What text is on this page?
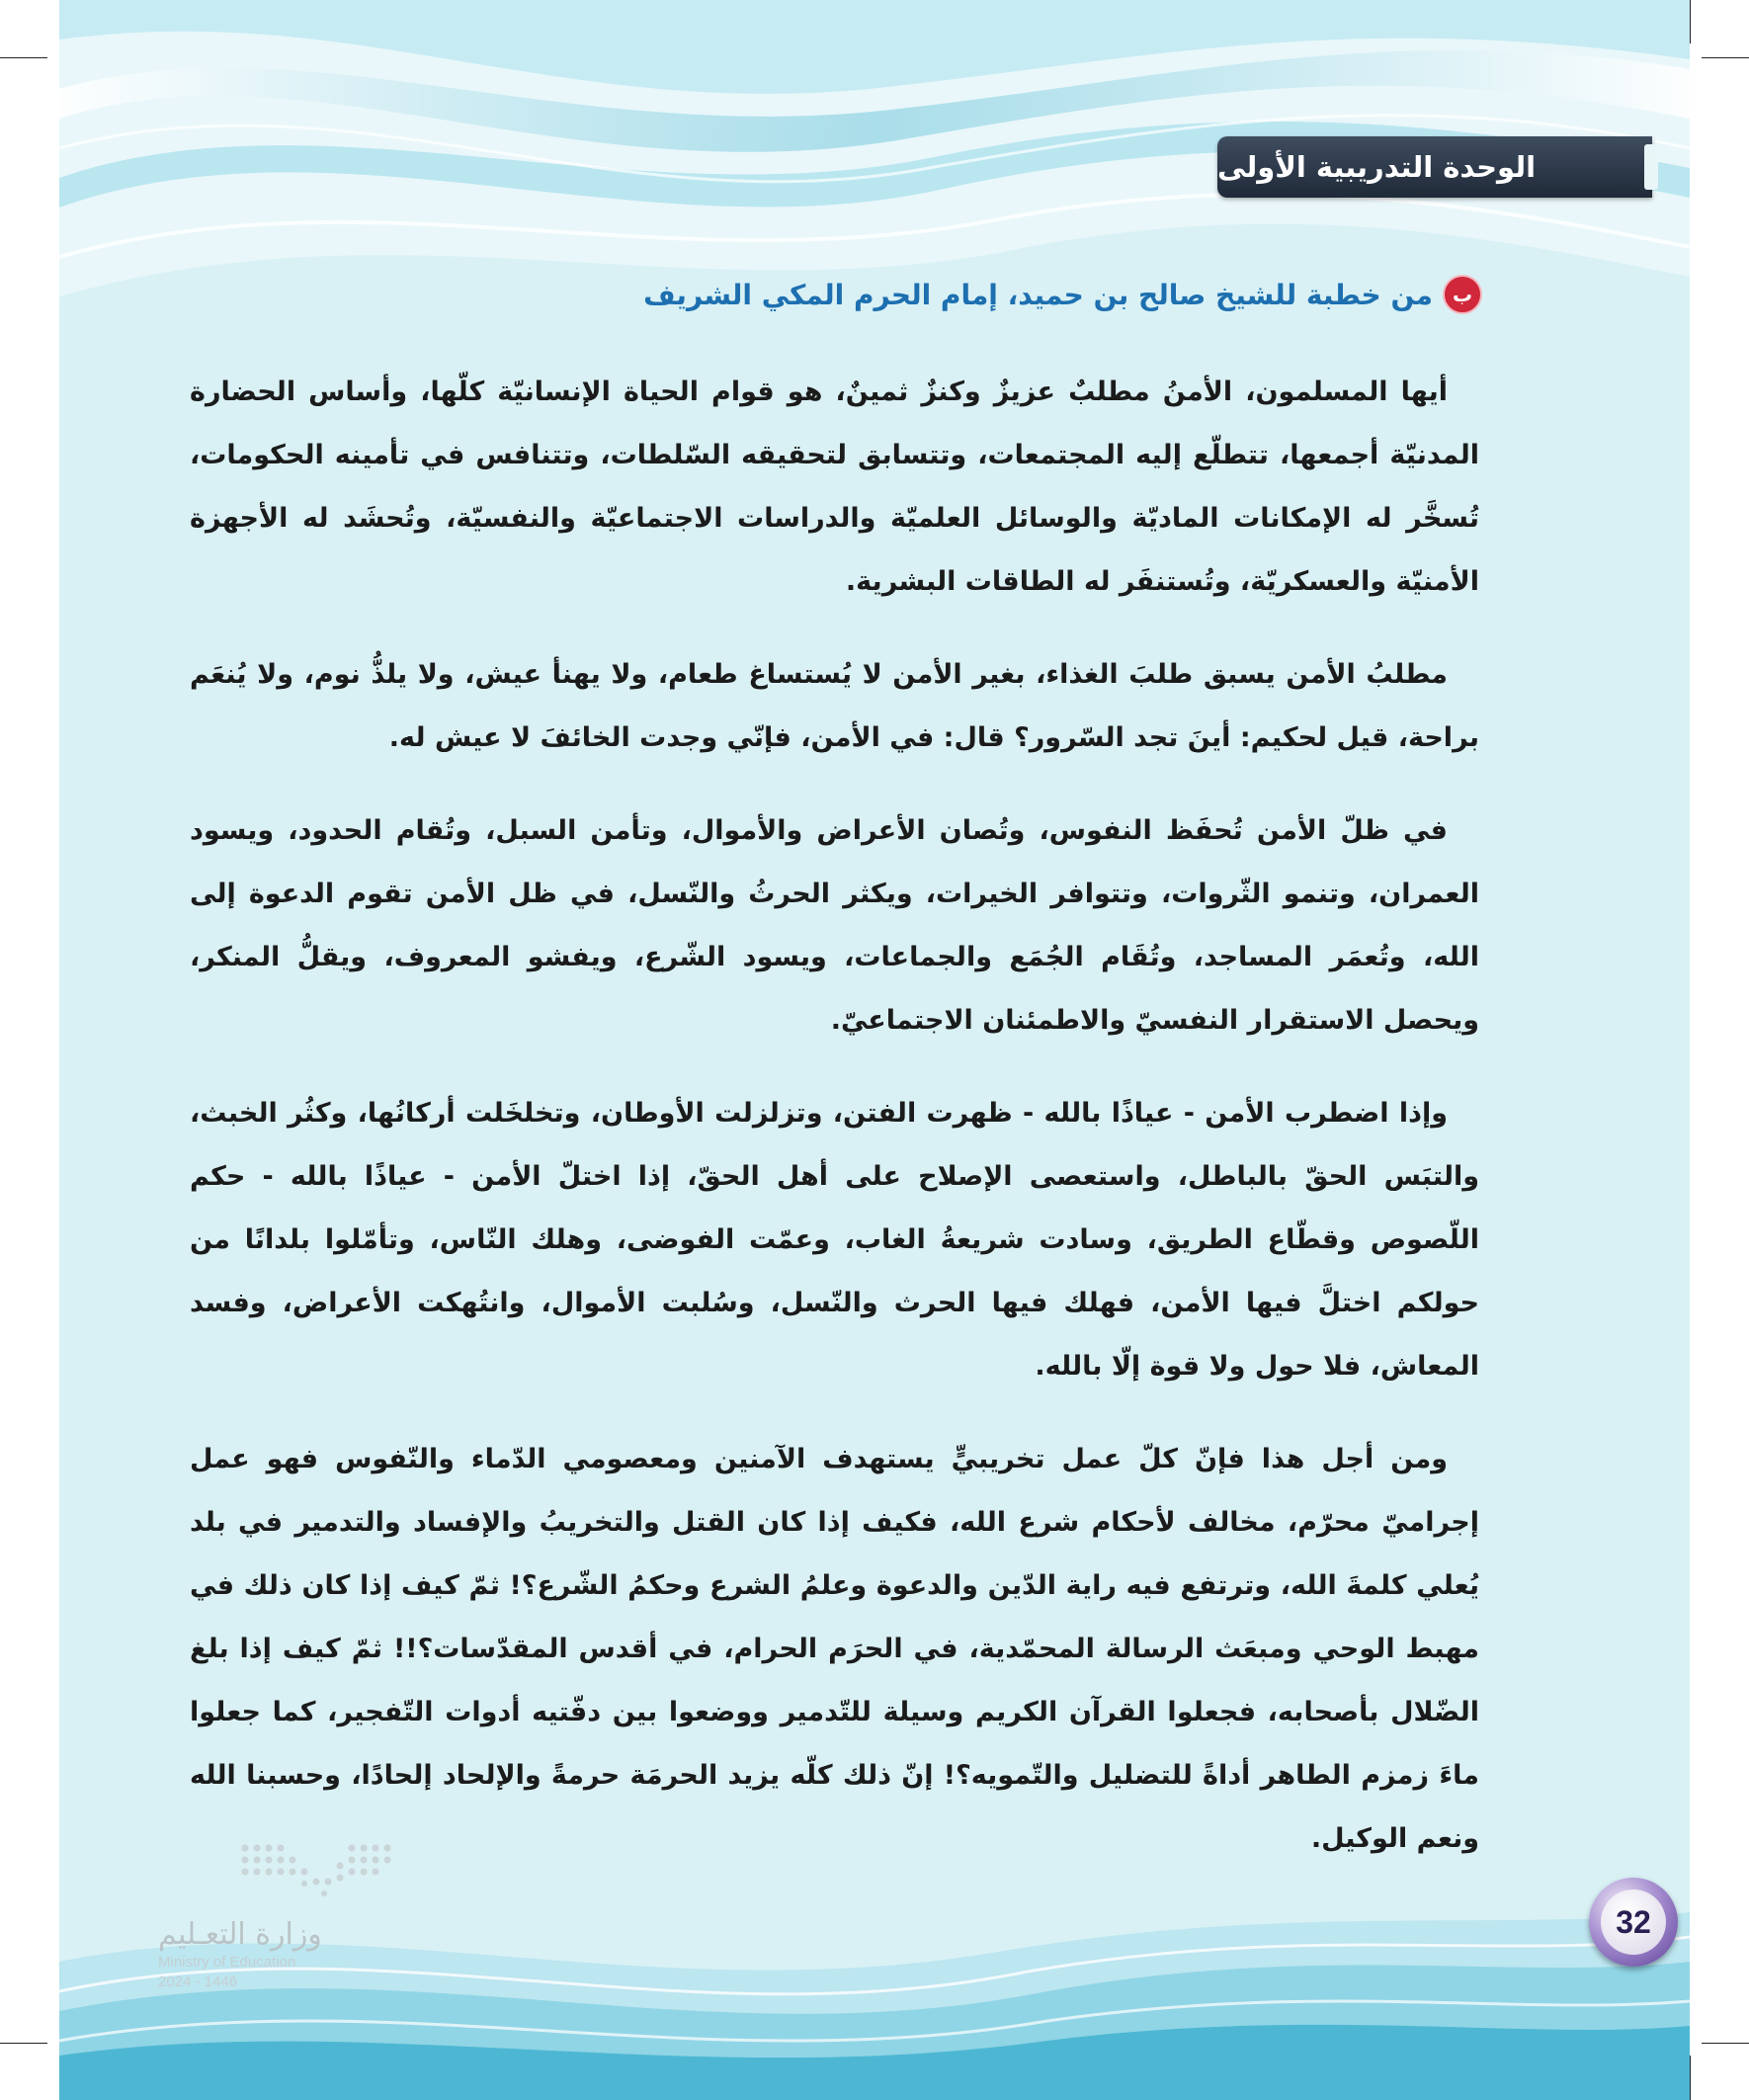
الوحدة التدريبية الأولى
ب
من خطبة للشيخ صالح بن حميد، إمام الحرم المكي الشريف

أيها المسلمون، الأمنُ مطلبٌ عزيزٌ وكنزٌ ثمينٌ، هو قوام الحياة الإنسانيّة كلّها، وأساس الحضارة المدنيّة أجمعها، تتطلّع إليه المجتمعات، وتتسابق لتحقيقه السّلطات، وتتنافس في تأمينه الحكومات، تُسخَّر له الإمكانات الماديّة والوسائل العلميّة والدراسات الاجتماعيّة والنفسيّة، وتُحشَد له الأجهزة الأمنيّة والعسكريّة، وتُستنفَر له الطاقات البشرية.

مطلبُ الأمن يسبق طلبَ الغذاء، بغير الأمن لا يُستساغ طعام، ولا يهنأ عيش، ولا يلذُّ نوم، ولا يُنعَم براحة، قيل لحكيم: أينَ تجد السّرور؟ قال: في الأمن، فإنّي وجدت الخائفَ لا عيش له.

في ظلّ الأمن تُحفَظ النفوس، وتُصان الأعراض والأموال، وتأمن السبل، وتُقام الحدود، ويسود العمران، وتنمو الثّروات، وتتوافر الخيرات، ويكثر الحرثُ والنّسل، في ظل الأمن تقوم الدعوة إلى الله، وتُعمَر المساجد، وتُقَام الجُمَع والجماعات، ويسود الشّرع، ويفشو المعروف، ويقلُّ المنكر، ويحصل الاستقرار النفسيّ والاطمئنان الاجتماعيّ.

وإذا اضطرب الأمن - عياذًا بالله - ظهرت الفتن، وتزلزلت الأوطان، وتخلخَلت أركانُها، وكثُر الخبث، والتبَس الحقّ بالباطل، واستعصى الإصلاح على أهل الحقّ، إذا اختلّ الأمن - عياذًا بالله - حكم اللّصوص وقطّاع الطريق، وسادت شريعةُ الغاب، وعمّت الفوضى، وهلك النّاس، وتأمّلوا بلدانًا من حولكم اختلَّ فيها الأمن، فهلك فيها الحرث والنّسل، وسُلبت الأموال، وانتُهكت الأعراض، وفسد المعاش، فلا حول ولا قوة إلّا بالله.

ومن أجل هذا فإنّ كلّ عمل تخريبيٍّ يستهدف الآمنين ومعصومي الدّماء والنّفوس فهو عمل إجراميّ محرّم، مخالف لأحكام شرع الله، فكيف إذا كان القتل والتخريبُ والإفساد والتدمير في بلد يُعلي كلمةَ الله، وترتفع فيه راية الدّين والدعوة وعلمُ الشرع وحكمُ الشّرع؟! ثمّ كيف إذا كان ذلك في مهبط الوحي ومبعَث الرسالة المحمّدية، في الحرَم الحرام، في أقدس المقدّسات؟!! ثمّ كيف إذا بلغ الضّلال بأصحابه، فجعلوا القرآن الكريم وسيلة للتّدمير ووضعوا بين دفّتيه أدوات التّفجير، كما جعلوا ماءَ زمزم الطاهر أداةً للتضليل والتّمويه؟! إنّ ذلك كلّه يزيد الحرمَة حرمةً والإلحاد إلحادًا، وحسبنا الله ونعم الوكيل.

وزارة التعـليم
Ministry of Education
2024 - 1446
32
